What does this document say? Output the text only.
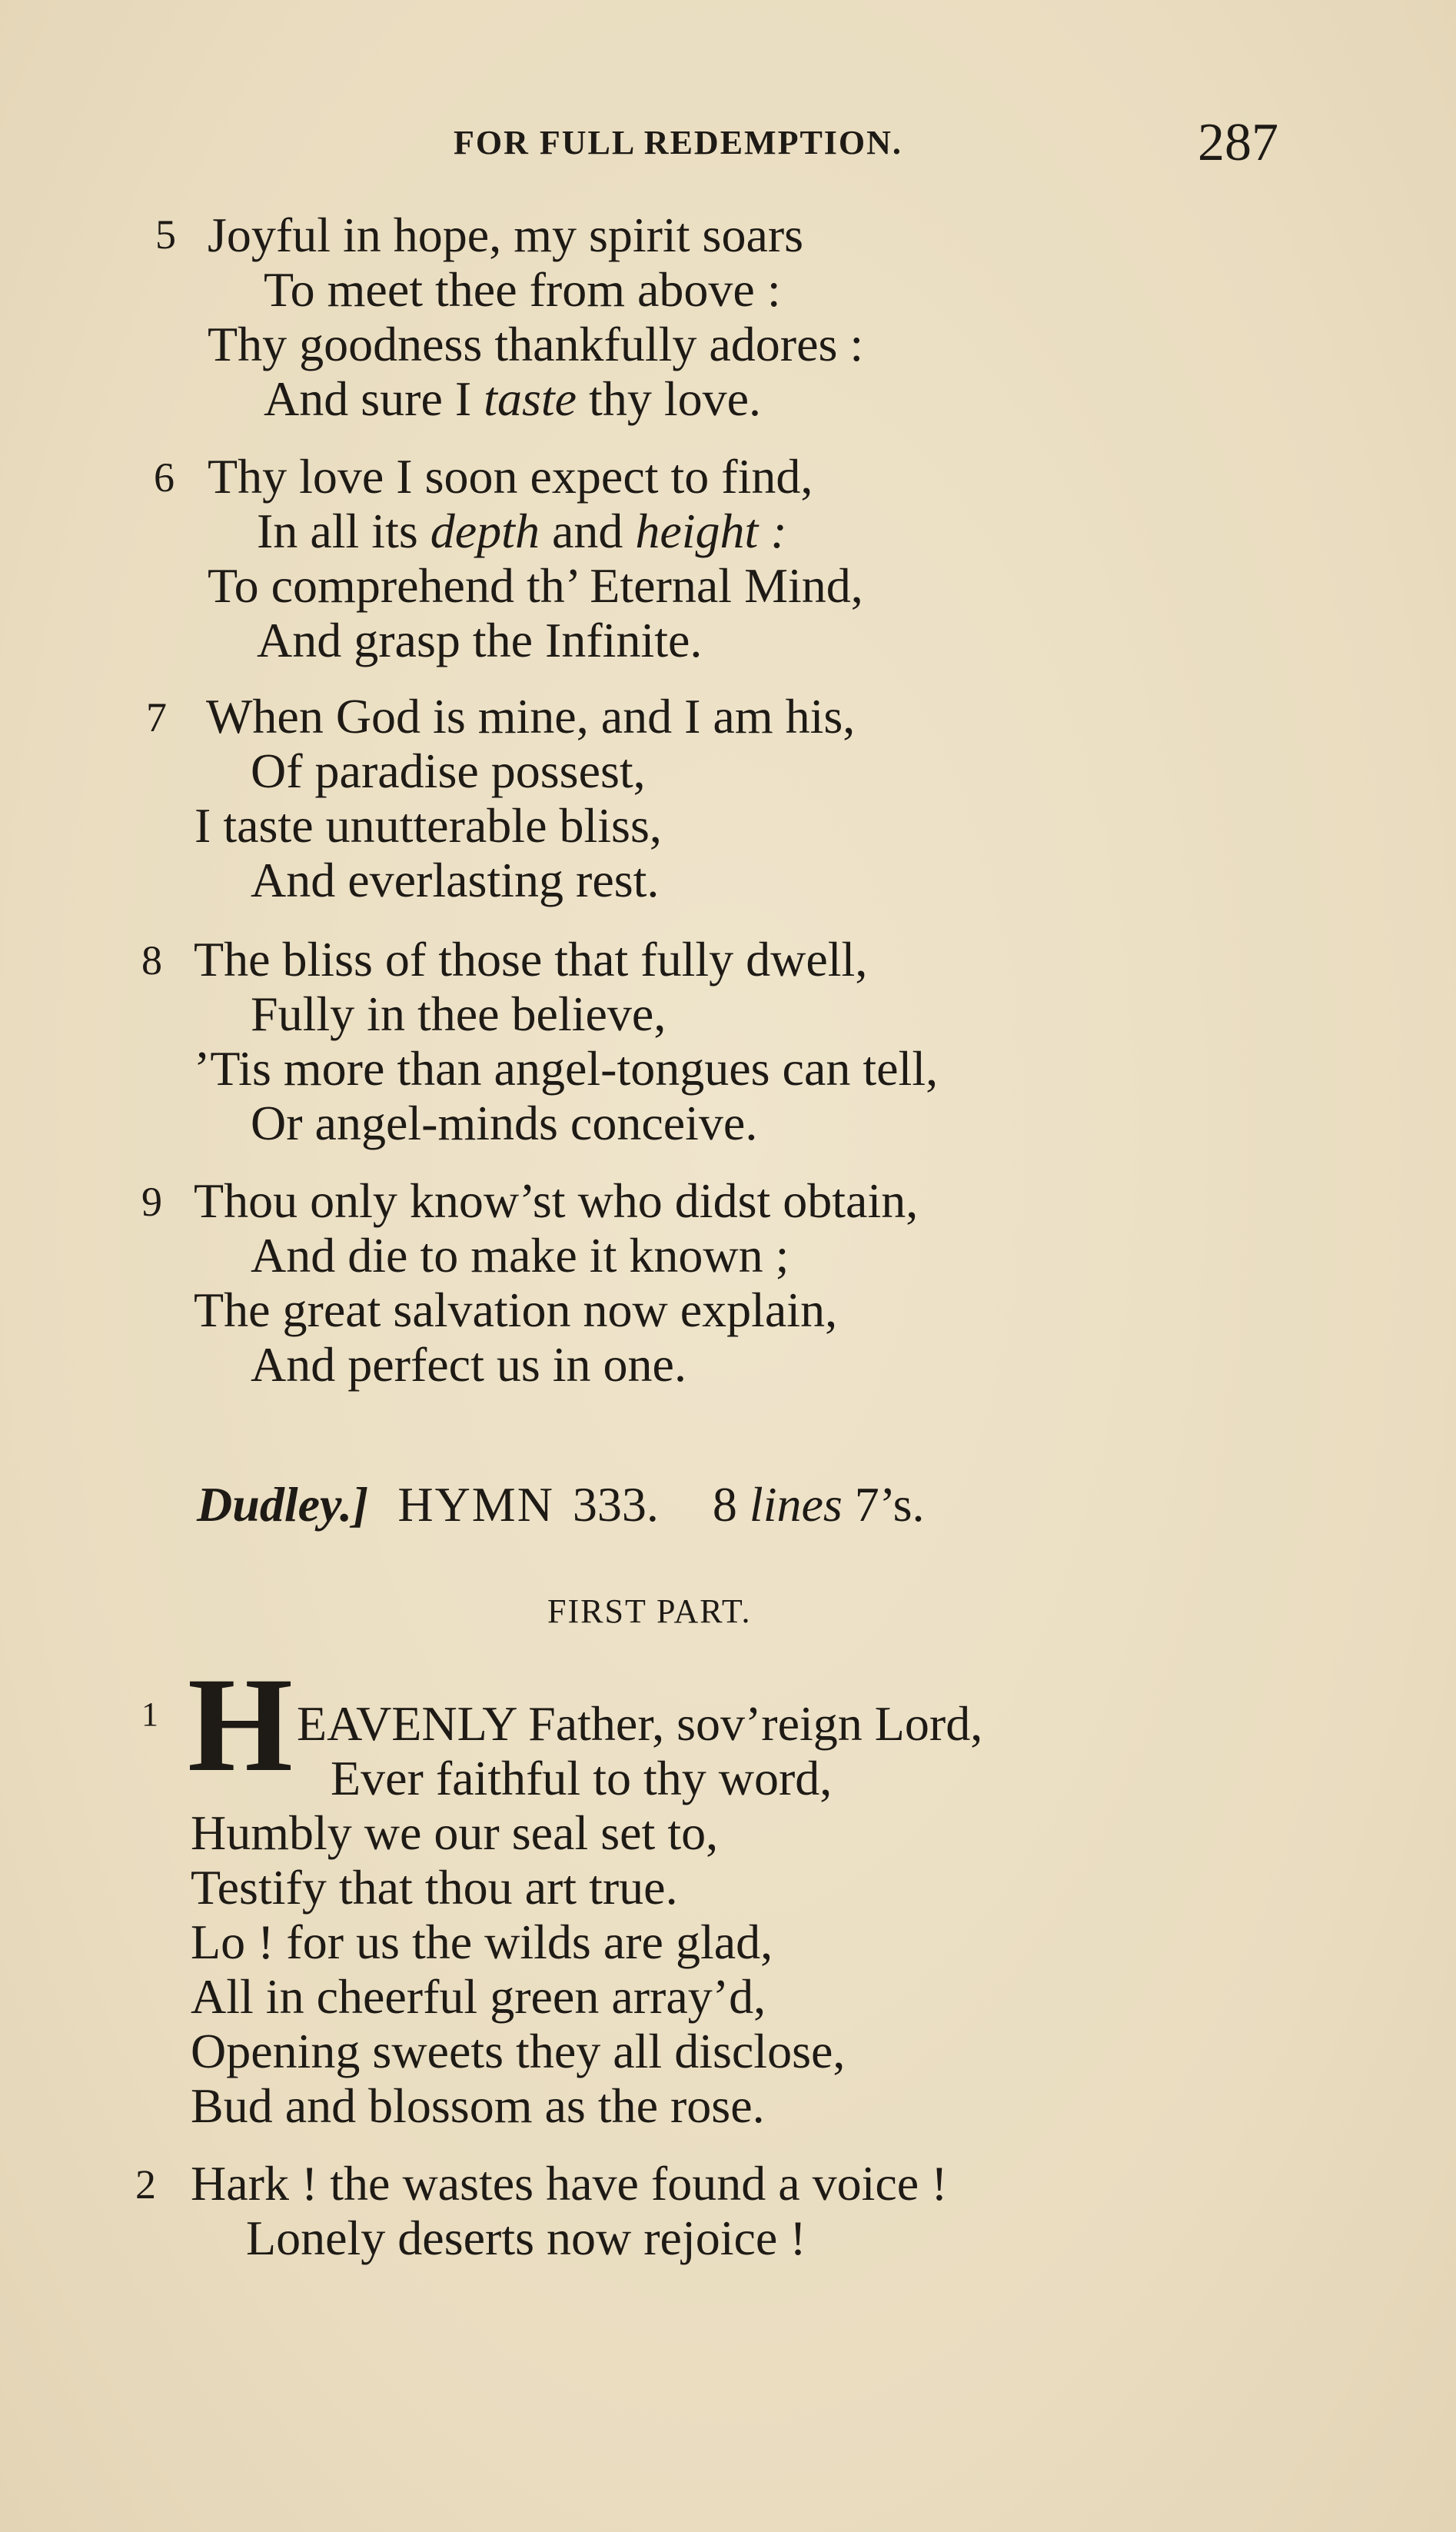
FOR FULL REDEMPTION.	287
5 Joyful in hope, my spirit soars
To meet thee from above :
Thy goodness thankfully adores :
And sure I taste thy love.
6 Thy love I soon expect to find,
In all its depth and height :
To comprehend th’ Eternal Mind,
And grasp the Infinite.
7 When God is mine, and I am his,
Of paradise possest,
I taste unutterable bliss,
And everlasting rest.
8 The bliss of those that fully dwell,
Fully in thee believe,
’Tis more than angel-tongues can tell,
Or angel-minds conceive.
9 Thou only know’st who didst obtain,
And die to make it known ;
The great salvation now explain,
And perfect us in one.
Dudley.] HYMN 333. 8 lines 7’s.
FIRST PART.
1 H EAVENLY Father, sov’reign Lord,
Ever faithful to thy word,
Humbly we our seal set to,
Testify that thou art true.
Lo ! for us the wilds are glad,
All in cheerful green array’d,
Opening sweets they all disclose,
Bud and blossom as the rose.
2 Hark ! the wastes have found a voice !
Lonely deserts now rejoice !
